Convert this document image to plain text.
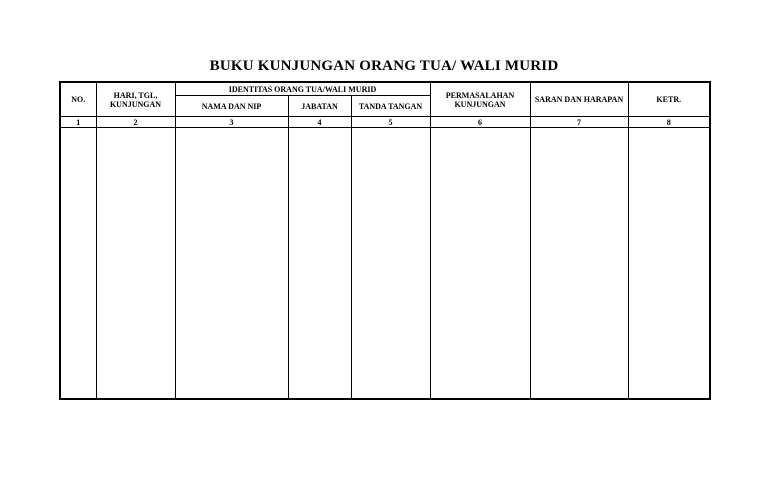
BUKU KUNJUNGAN ORANG TUA/ WALI MURID
NO.	HARI, TGL, KUNJUNGAN	IDENTITAS ORANG TUA/WALI MURID			PERMASALAHAN KUNJUNGAN	SARAN DAN HARAPAN	KETR.
		NAMA DAN NIP	JABATAN	TANDA TANGAN			
1	2	3	4	5	6	7	8
